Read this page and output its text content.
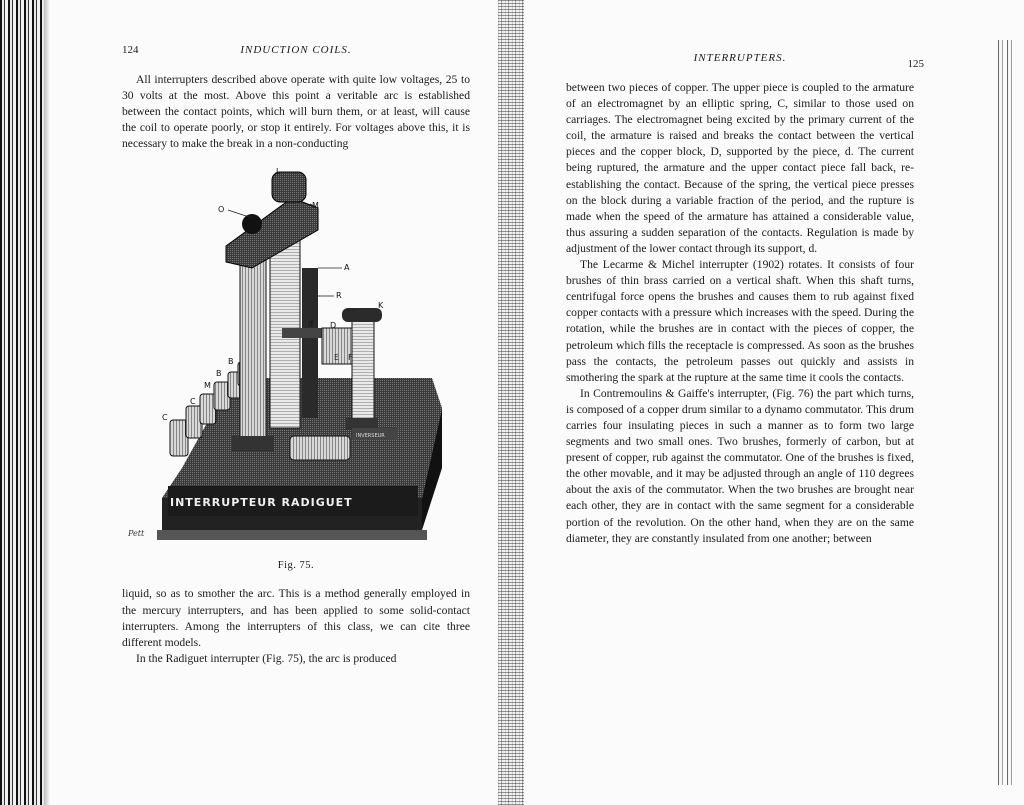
124	INDUCTION COILS.

All interrupters described above operate with quite low voltages, 25 to 30 volts at the most. Above this point a veritable arc is established between the contact points, which will burn them, or at least, will cause the coil to operate poorly, or stop it entirely. For voltages above this, it is necessary to make the break in a non-conducting

INVERSEUR
INTERRUPTEUR RADIGUET
Pett
L
O	M
A
R
K
d D
E F
B
B
M
C
C
Fig. 75.

liquid, so as to smother the arc. This is a method generally employed in the mercury interrupters, and has been applied to some solid-contact interrupters. Among the interrupters of this class, we can cite three different models.

In the Radiguet interrupter (Fig. 75), the arc is produced

INTERRUPTERS.	125

between two pieces of copper. The upper piece is coupled to the armature of an electromagnet by an elliptic spring, C, similar to those used on carriages. The electromagnet being excited by the primary current of the coil, the armature is raised and breaks the contact between the vertical pieces and the copper block, D, supported by the piece, d. The current being ruptured, the armature and the upper contact piece fall back, re-establishing the contact. Because of the spring, the vertical piece presses on the block during a variable fraction of the period, and the rupture is made when the speed of the armature has attained a considerable value, thus assuring a sudden separation of the contacts. Regulation is made by adjustment of the lower contact through its support, d.

The Lecarme & Michel interrupter (1902) rotates. It consists of four brushes of thin brass carried on a vertical shaft. When this shaft turns, centrifugal force opens the brushes and causes them to rub against fixed copper contacts with a pressure which increases with the speed. During the rotation, while the brushes are in contact with the pieces of copper, the petroleum which fills the receptacle is compressed. As soon as the brushes pass the contacts, the petroleum passes out quickly and assists in smothering the spark at the rupture at the same time it cools the contacts.

In Contremoulins & Gaiffe's interrupter, (Fig. 76) the part which turns, is composed of a copper drum similar to a dynamo commutator. This drum carries four insulating pieces in such a manner as to form two large segments and two small ones. Two brushes, formerly of carbon, but at present of copper, rub against the commutator. One of the brushes is fixed, the other movable, and it may be adjusted through an angle of 110 degrees about the axis of the commutator. When the two brushes are brought near each other, they are in contact with the same segment for a considerable portion of the revolution. On the other hand, when they are on the same diameter, they are constantly insulated from one another; between
